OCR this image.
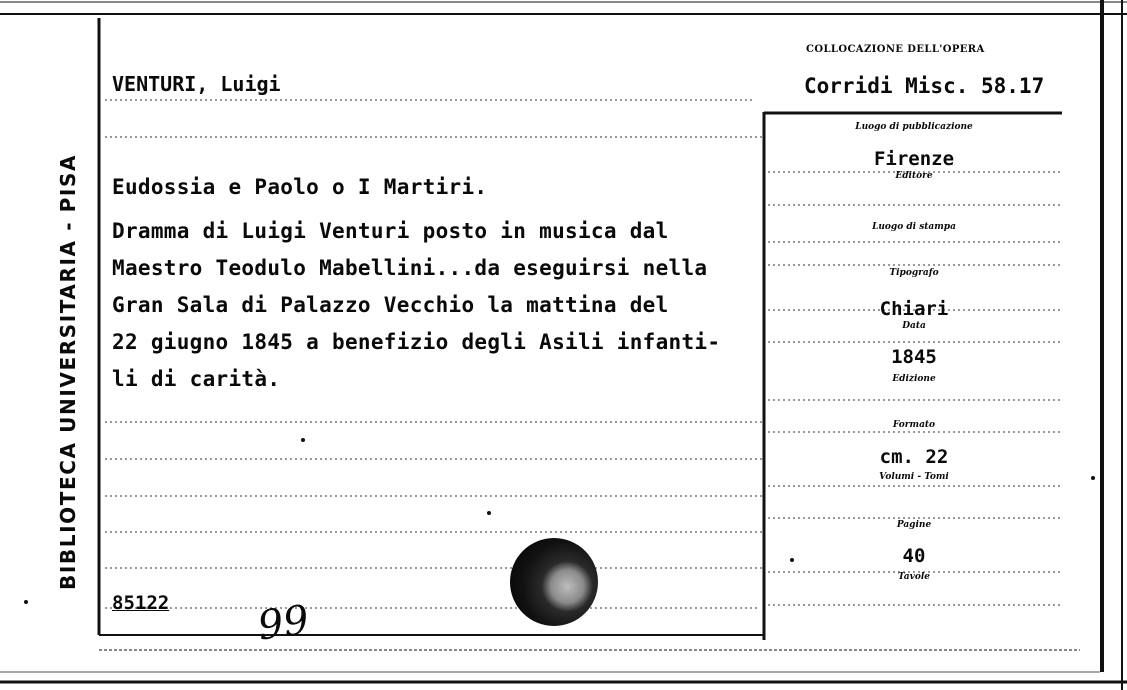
BIBLIOTECA UNIVERSITARIA - PISA
COLLOCAZIONE DELL'OPERA
Corridi Misc. 58.17
VENTURI, Luigi
Eudossia e Paolo o I Martiri.
Dramma di Luigi Venturi posto in musica dal
Maestro Teodulo Mabellini...da eseguirsi nella
Gran Sala di Palazzo Vecchio la mattina del
22 giugno 1845 a benefizio degli Asili infanti-
li di carità.
Luogo di pubblicazione
Firenze
Editore
Luogo di stampa
Tipografo
Chiari
Data
1845
Edizione
Formato
cm. 22
Volumi - Tomi
Pagine
40
Tavole
85122 99
